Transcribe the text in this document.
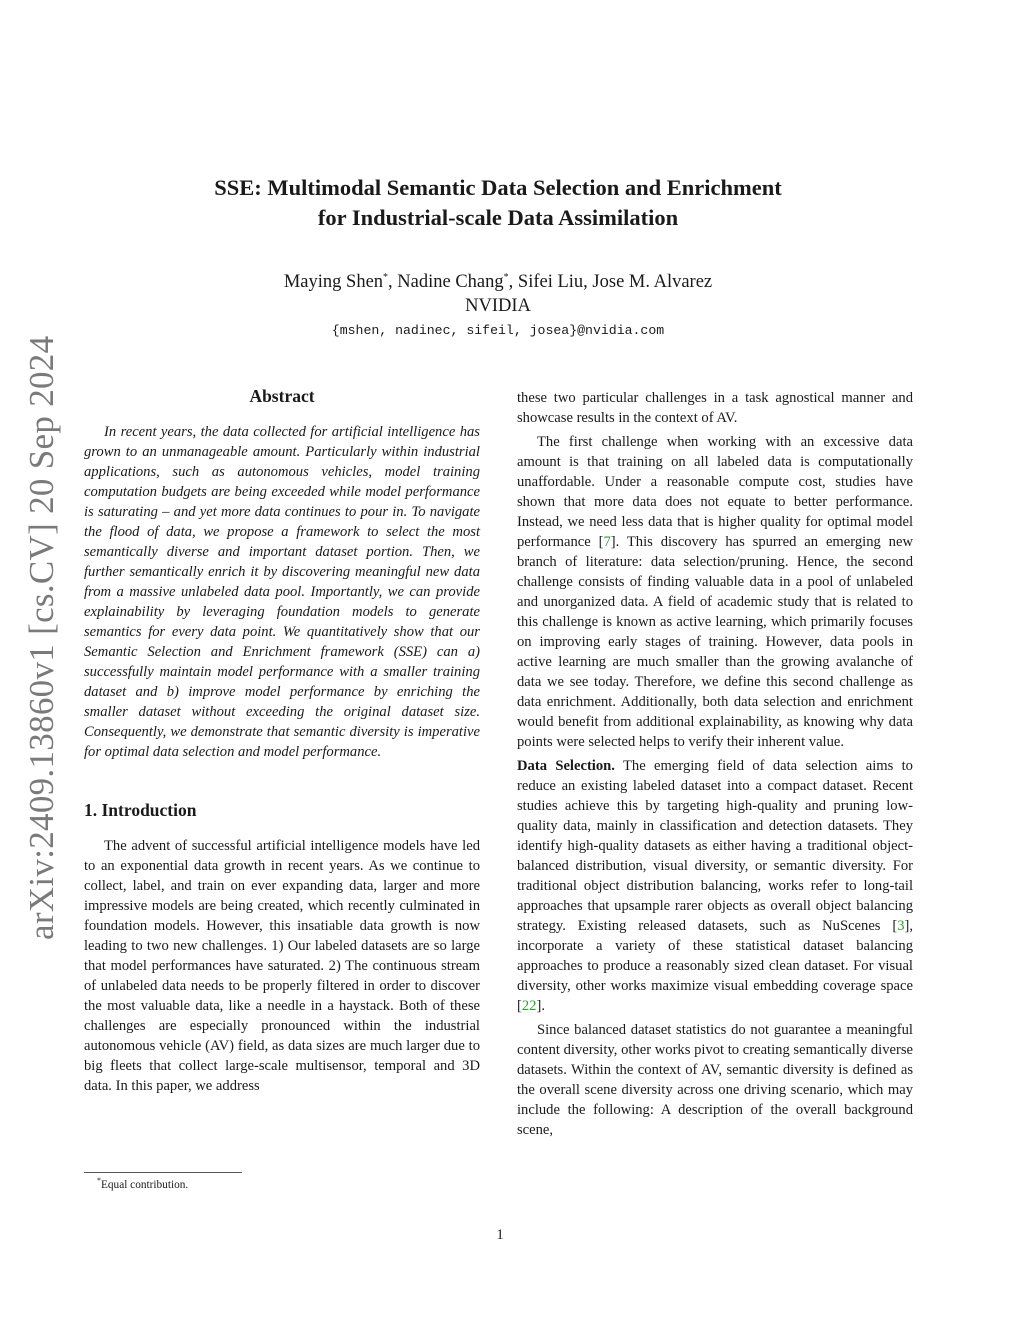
arXiv:2409.13860v1 [cs.CV] 20 Sep 2024
SSE: Multimodal Semantic Data Selection and Enrichment
for Industrial-scale Data Assimilation
Maying Shen*, Nadine Chang*, Sifei Liu, Jose M. Alvarez
NVIDIA
{mshen, nadinec, sifeil, josea}@nvidia.com
Abstract

In recent years, the data collected for artificial intelligence has grown to an unmanageable amount. Particularly within industrial applications, such as autonomous vehicles, model training computation budgets are being exceeded while model performance is saturating – and yet more data continues to pour in. To navigate the flood of data, we propose a framework to select the most semantically diverse and important dataset portion. Then, we further semantically enrich it by discovering meaningful new data from a massive unlabeled data pool. Importantly, we can provide explainability by leveraging foundation models to generate semantics for every data point. We quantitatively show that our Semantic Selection and Enrichment framework (SSE) can a) successfully maintain model performance with a smaller training dataset and b) improve model performance by enriching the smaller dataset without exceeding the original dataset size. Consequently, we demonstrate that semantic diversity is imperative for optimal data selection and model performance.

1. Introduction

The advent of successful artificial intelligence models have led to an exponential data growth in recent years. As we continue to collect, label, and train on ever expanding data, larger and more impressive models are being created, which recently culminated in foundation models. However, this insatiable data growth is now leading to two new challenges. 1) Our labeled datasets are so large that model performances have saturated. 2) The continuous stream of unlabeled data needs to be properly filtered in order to discover the most valuable data, like a needle in a haystack. Both of these challenges are especially pronounced within the industrial autonomous vehicle (AV) field, as data sizes are much larger due to big fleets that collect large-scale multisensor, temporal and 3D data. In this paper, we address

these two particular challenges in a task agnostical manner and showcase results in the context of AV.

The first challenge when working with an excessive data amount is that training on all labeled data is computationally unaffordable. Under a reasonable compute cost, studies have shown that more data does not equate to better performance. Instead, we need less data that is higher quality for optimal model performance [7]. This discovery has spurred an emerging new branch of literature: data selection/pruning. Hence, the second challenge consists of finding valuable data in a pool of unlabeled and unorganized data. A field of academic study that is related to this challenge is known as active learning, which primarily focuses on improving early stages of training. However, data pools in active learning are much smaller than the growing avalanche of data we see today. Therefore, we define this second challenge as data enrichment. Additionally, both data selection and enrichment would benefit from additional explainability, as knowing why data points were selected helps to verify their inherent value.

Data Selection. The emerging field of data selection aims to reduce an existing labeled dataset into a compact dataset. Recent studies achieve this by targeting high-quality and pruning low-quality data, mainly in classification and detection datasets. They identify high-quality datasets as either having a traditional object-balanced distribution, visual diversity, or semantic diversity. For traditional object distribution balancing, works refer to long-tail approaches that upsample rarer objects as overall object balancing strategy. Existing released datasets, such as NuScenes [3], incorporate a variety of these statistical dataset balancing approaches to produce a reasonably sized clean dataset. For visual diversity, other works maximize visual embedding coverage space [22].

Since balanced dataset statistics do not guarantee a meaningful content diversity, other works pivot to creating semantically diverse datasets. Within the context of AV, semantic diversity is defined as the overall scene diversity across one driving scenario, which may include the following: A description of the overall background scene,

*Equal contribution.
1
